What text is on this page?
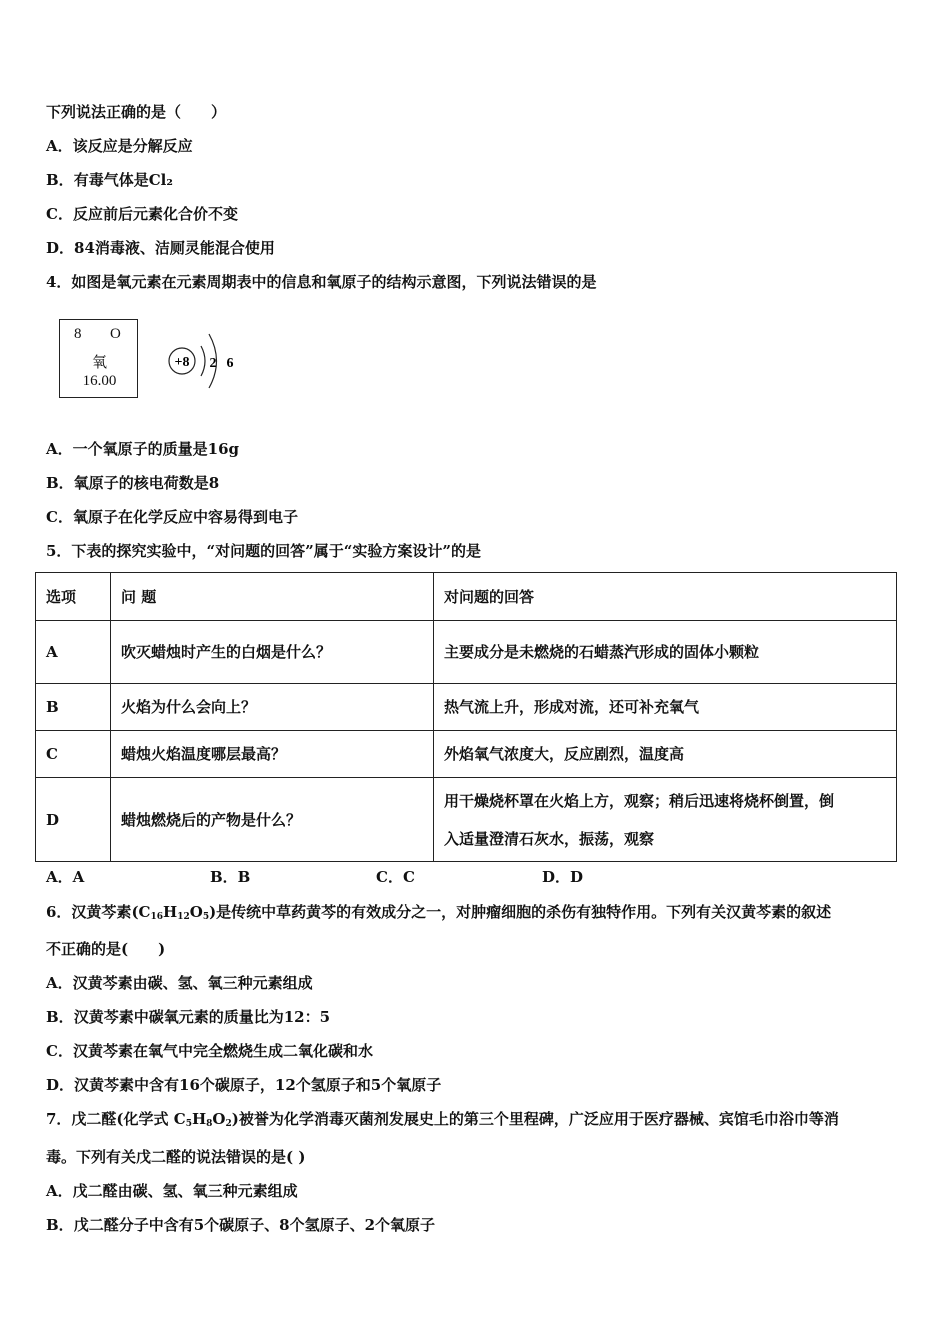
下列说法正确的是（　　）
A．该反应是分解反应
B．有毒气体是Cl₂
C．反应前后元素化合价不变
D．84消毒液、洁厕灵能混合使用
4．如图是氧元素在元素周期表中的信息和氧原子的结构示意图，下列说法错误的是
8 O
氧
16.00
+8 2 6
A．一个氧原子的质量是16g
B．氧原子的核电荷数是8
C．氧原子在化学反应中容易得到电子
5．下表的探究实验中，“对问题的回答”属于“实验方案设计”的是
选项	问 题	对问题的回答
A	吹灭蜡烛时产生的白烟是什么？	主要成分是未燃烧的石蜡蒸汽形成的固体小颗粒
B	火焰为什么会向上？	热气流上升，形成对流，还可补充氧气
C	蜡烛火焰温度哪层最高？	外焰氧气浓度大，反应剧烈，温度高
D	蜡烛燃烧后的产物是什么？	用干燥烧杯罩在火焰上方，观察；稍后迅速将烧杯倒置，倒
入适量澄清石灰水，振荡，观察
A．A	B．B	C．C	D．D
6．汉黄芩素$(C_{16}H_{12}O_5)$是传统中草药黄芩的有效成分之一，对肿瘤细胞的杀伤有独特作用。下列有关汉黄芩素的叙述
不正确的是(　　)
A．汉黄芩素由碳、氢、氧三种元素组成
B．汉黄芩素中碳氧元素的质量比为12：5
C．汉黄芩素在氧气中完全燃烧生成二氧化碳和水
D．汉黄芩素中含有16个碳原子，12个氢原子和5个氧原子
7．戊二醛(化学式 $C_5H_8O_2$)被誉为化学消毒灭菌剂发展史上的第三个里程碑，广泛应用于医疗器械、宾馆毛巾浴巾等消
毒。下列有关戊二醛的说法错误的是( )
A．戊二醛由碳、氢、氧三种元素组成
B．戊二醛分子中含有5个碳原子、8个氢原子、2个氧原子
